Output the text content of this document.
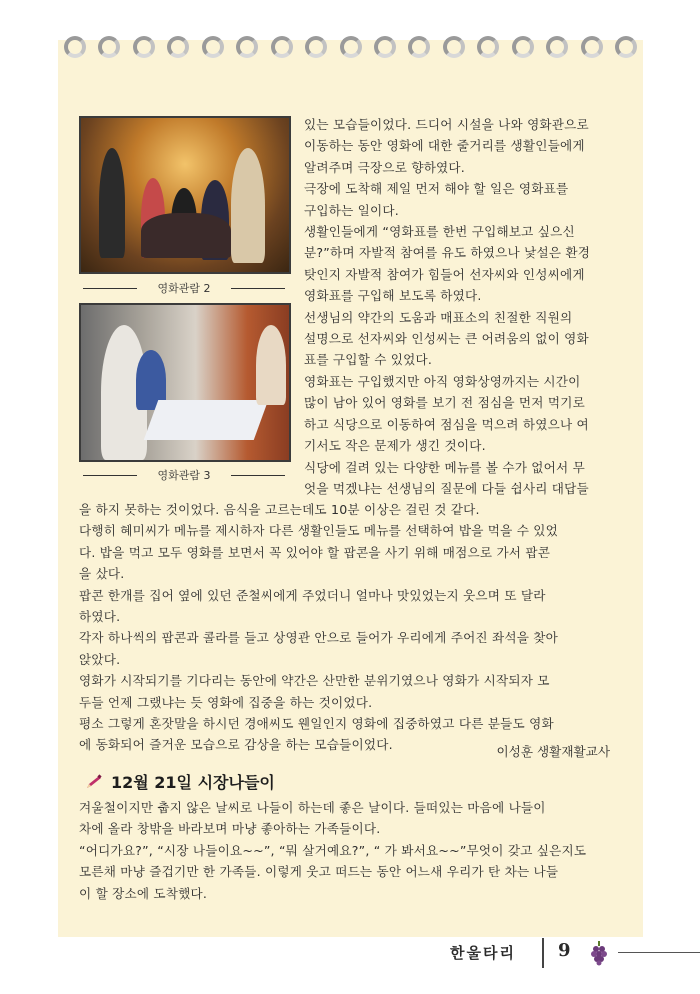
영화관람 2
영화관람 3

있는 모습들이었다. 드디어 시설을 나와 영화관으로

이동하는 동안 영화에 대한 줄거리를 생활인들에게

알려주며 극장으로 향하였다.

극장에 도착해 제일 먼저 해야 할 일은 영화표를

구입하는 일이다.

생활인들에게 “영화표를 한번 구입해보고 싶으신

분?”하며 자발적 참여를 유도 하였으나 낯설은 환경

탓인지 자발적 참여가 힘들어 선자씨와 인성씨에게

영화표를 구입해 보도록 하였다.

선생님의 약간의 도움과 매표소의 친절한 직원의

설명으로 선자씨와 인성씨는 큰 어려움의 없이 영화

표를 구입할 수 있었다.

영화표는 구입했지만 아직 영화상영까지는 시간이

많이 남아 있어 영화를 보기 전 점심을 먼저 먹기로

하고 식당으로 이동하여 점심을 먹으려 하였으나 여

기서도 작은 문제가 생긴 것이다.

식당에 걸려 있는 다양한 메뉴를 볼 수가 없어서 무

엇을 먹겠냐는 선생님의 질문에 다들 쉽사리 대답들

을 하지 못하는 것이었다. 음식을 고르는데도 10분 이상은 걸린 것 같다.

다행히 혜미씨가 메뉴를 제시하자 다른 생활인들도 메뉴를 선택하여 밥을 먹을 수 있었

다. 밥을 먹고 모두 영화를 보면서 꼭 있어야 할 팝콘을 사기 위해 매점으로 가서 팝콘

을 샀다.

팝콘 한개를 집어 옆에 있던 준철씨에게 주었더니 얼마나 맛있었는지 웃으며 또 달라

하였다.

각자 하나씩의 팝콘과 콜라를 들고 상영관 안으로 들어가 우리에게 주어진 좌석을 찾아

앉았다.

영화가 시작되기를 기다리는 동안에 약간은 산만한 분위기였으나 영화가 시작되자 모

두들 언제 그랬냐는 듯 영화에 집중을 하는 것이었다.

평소 그렇게 혼잣말을 하시던 경애씨도 웬일인지 영화에 집중하였고 다른 분들도 영화

에 동화되어 즐거운 모습으로 감상을 하는 모습들이었다.	이성훈 생활재활교사
12월 21일 시장나들이

겨울철이지만 춥지 않은 날씨로 나들이 하는데 좋은 날이다. 들떠있는 마음에 나들이

차에 올라 창밖을 바라보며 마냥 좋아하는 가족들이다.

“어디가요?”, “시장 나들이요~~”, “뭐 살거예요?”, “ 가 봐서요~~”무엇이 갖고 싶은지도

모른채 마냥 즐겁기만 한 가족들. 이렇게 웃고 떠드는 동안 어느새 우리가 탄 차는 나들

이 할 장소에 도착했다.

한울타리 9
